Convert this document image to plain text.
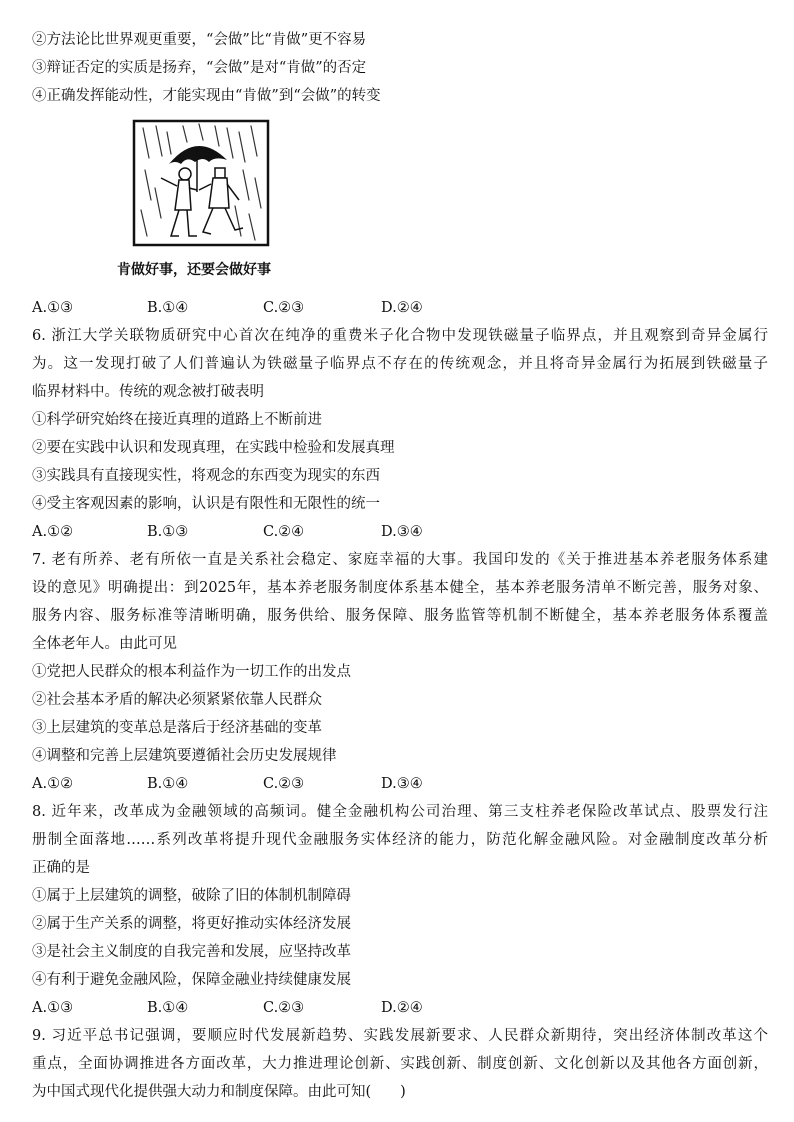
②方法论比世界观更重要，“会做”比“肯做”更不容易
③辩证否定的实质是扬弃，“会做”是对“肯做”的否定
④正确发挥能动性，才能实现由“肯做”到“会做”的转变
肯做好事，还要会做好事
A.①③	B.①④	C.②③	D.②④
6. 浙江大学关联物质研究中心首次在纯净的重费米子化合物中发现铁磁量子临界点，并且观察到奇异金属行
为。这一发现打破了人们普遍认为铁磁量子临界点不存在的传统观念，并且将奇异金属行为拓展到铁磁量子
临界材料中。传统的观念被打破表明
①科学研究始终在接近真理的道路上不断前进
②要在实践中认识和发现真理，在实践中检验和发展真理
③实践具有直接现实性，将观念的东西变为现实的东西
④受主客观因素的影响，认识是有限性和无限性的统一
A.①②	B.①③	C.②④	D.③④
7. 老有所养、老有所依一直是关系社会稳定、家庭幸福的大事。我国印发的《关于推进基本养老服务体系建
设的意见》明确提出：到2025年，基本养老服务制度体系基本健全，基本养老服务清单不断完善，服务对象、
服务内容、服务标准等清晰明确，服务供给、服务保障、服务监管等机制不断健全，基本养老服务体系覆盖
全体老年人。由此可见
①党把人民群众的根本利益作为一切工作的出发点
②社会基本矛盾的解决必须紧紧依靠人民群众
③上层建筑的变革总是落后于经济基础的变革
④调整和完善上层建筑要遵循社会历史发展规律
A.①②	B.①④	C.②③	D.③④
8. 近年来，改革成为金融领域的高频词。健全金融机构公司治理、第三支柱养老保险改革试点、股票发行注
册制全面落地……系列改革将提升现代金融服务实体经济的能力，防范化解金融风险。对金融制度改革分析
正确的是
①属于上层建筑的调整，破除了旧的体制机制障碍
②属于生产关系的调整，将更好推动实体经济发展
③是社会主义制度的自我完善和发展，应坚持改革
④有利于避免金融风险，保障金融业持续健康发展
A.①③	B.①④	C.②③	D.②④
9. 习近平总书记强调，要顺应时代发展新趋势、实践发展新要求、人民群众新期待，突出经济体制改革这个
重点，全面协调推进各方面改革，大力推进理论创新、实践创新、制度创新、文化创新以及其他各方面创新，
为中国式现代化提供强大动力和制度保障。由此可知(　　)
